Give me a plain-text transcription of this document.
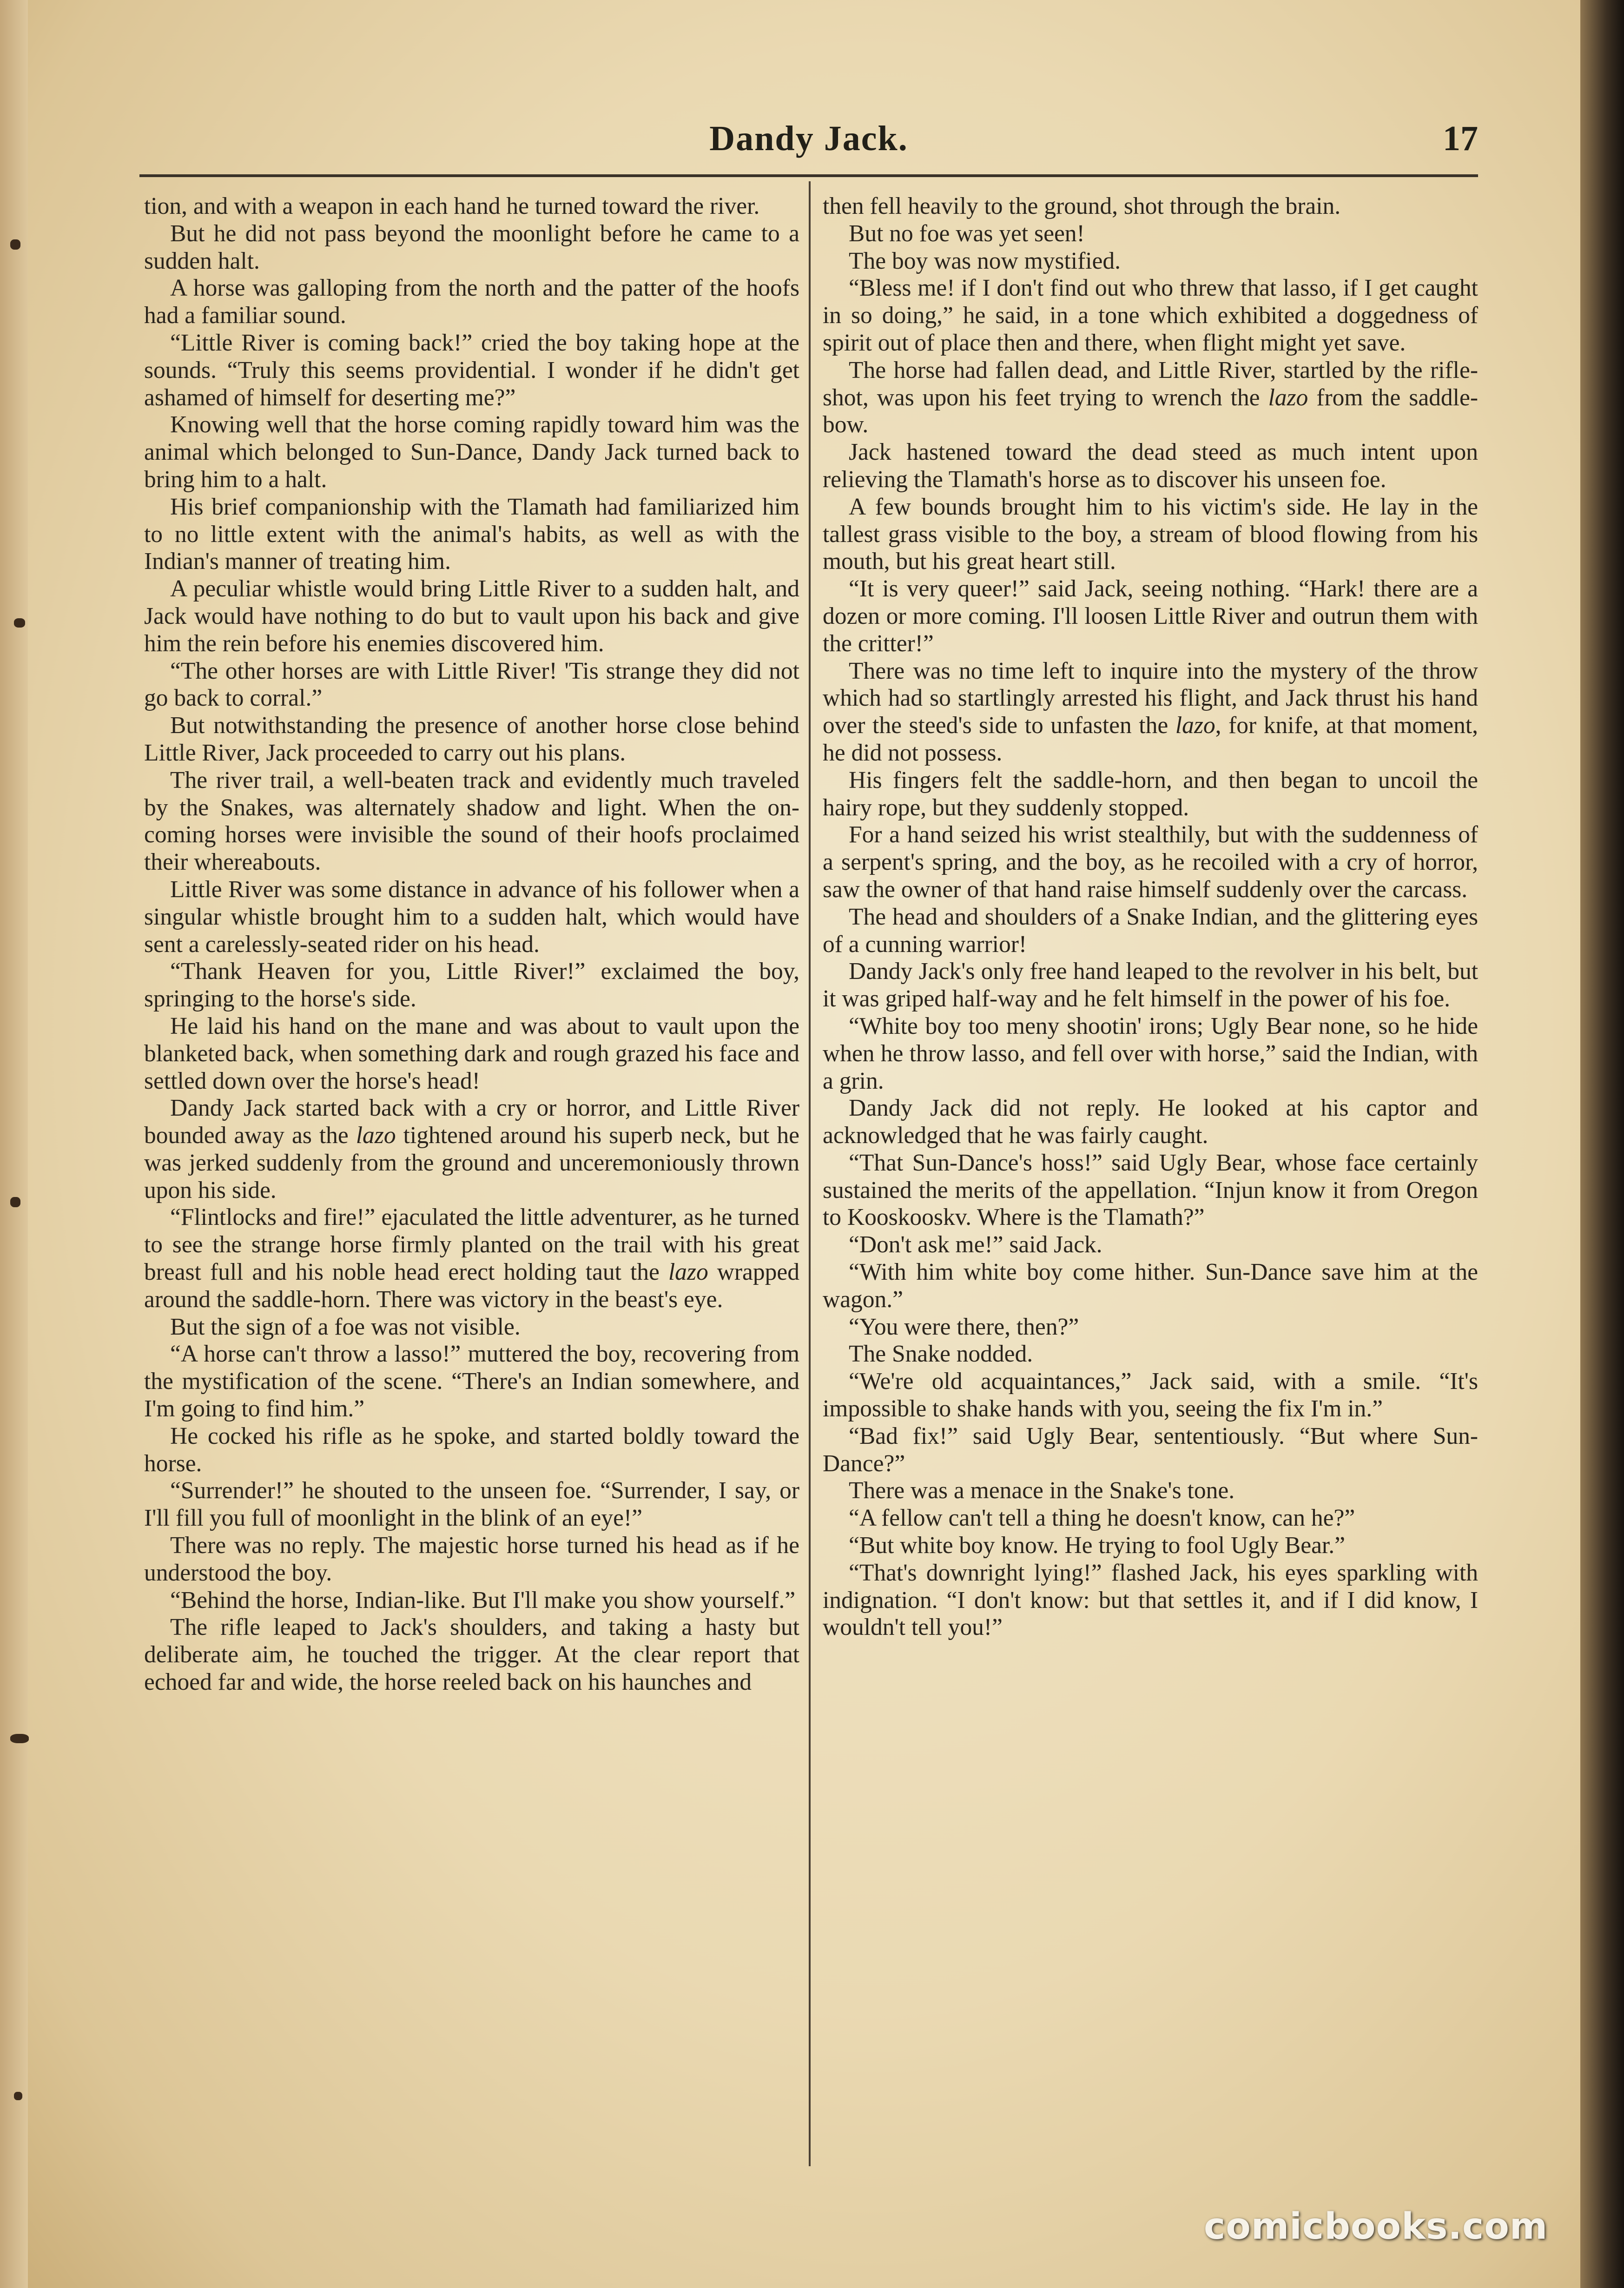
Dandy Jack.	17

tion, and with a weapon in each hand he turned toward the river.

But he did not pass beyond the moonlight before he came to a sudden halt.

A horse was galloping from the north and the patter of the hoofs had a familiar sound.

“Little River is coming back!” cried the boy taking hope at the sounds. “Truly this seems providential. I wonder if he didn't get ashamed of himself for deserting me?”

Knowing well that the horse coming rapidly toward him was the animal which belonged to Sun-Dance, Dandy Jack turned back to bring him to a halt.

His brief companionship with the Tlamath had familiarized him to no little extent with the animal's habits, as well as with the Indian's manner of treating him.

A peculiar whistle would bring Little River to a sudden halt, and Jack would have nothing to do but to vault upon his back and give him the rein before his enemies discovered him.

“The other horses are with Little River! 'Tis strange they did not go back to corral.”

But notwithstanding the presence of another horse close behind Little River, Jack proceeded to carry out his plans.

The river trail, a well-beaten track and evidently much traveled by the Snakes, was alternately shadow and light. When the on-coming horses were invisible the sound of their hoofs proclaimed their whereabouts.

Little River was some distance in advance of his follower when a singular whistle brought him to a sudden halt, which would have sent a carelessly-seated rider on his head.

“Thank Heaven for you, Little River!” exclaimed the boy, springing to the horse's side.

He laid his hand on the mane and was about to vault upon the blanketed back, when something dark and rough grazed his face and settled down over the horse's head!

Dandy Jack started back with a cry or horror, and Little River bounded away as the lazo tightened around his superb neck, but he was jerked suddenly from the ground and unceremoniously thrown upon his side.

“Flintlocks and fire!” ejaculated the little adventurer, as he turned to see the strange horse firmly planted on the trail with his great breast full and his noble head erect holding taut the lazo wrapped around the saddle-horn. There was victory in the beast's eye.

But the sign of a foe was not visible.

“A horse can't throw a lasso!” muttered the boy, recovering from the mystification of the scene. “There's an Indian somewhere, and I'm going to find him.”

He cocked his rifle as he spoke, and started boldly toward the horse.

“Surrender!” he shouted to the unseen foe. “Surrender, I say, or I'll fill you full of moonlight in the blink of an eye!”

There was no reply. The majestic horse turned his head as if he understood the boy.

“Behind the horse, Indian-like. But I'll make you show yourself.”

The rifle leaped to Jack's shoulders, and taking a hasty but deliberate aim, he touched the trigger. At the clear report that echoed far and wide, the horse reeled back on his haunches and

then fell heavily to the ground, shot through the brain.

But no foe was yet seen!

The boy was now mystified.

“Bless me! if I don't find out who threw that lasso, if I get caught in so doing,” he said, in a tone which exhibited a doggedness of spirit out of place then and there, when flight might yet save.

The horse had fallen dead, and Little River, startled by the rifle-shot, was upon his feet trying to wrench the lazo from the saddle-bow.

Jack hastened toward the dead steed as much intent upon relieving the Tlamath's horse as to discover his unseen foe.

A few bounds brought him to his victim's side. He lay in the tallest grass visible to the boy, a stream of blood flowing from his mouth, but his great heart still.

“It is very queer!” said Jack, seeing nothing. “Hark! there are a dozen or more coming. I'll loosen Little River and outrun them with the critter!”

There was no time left to inquire into the mystery of the throw which had so startlingly arrested his flight, and Jack thrust his hand over the steed's side to unfasten the lazo, for knife, at that moment, he did not possess.

His fingers felt the saddle-horn, and then began to uncoil the hairy rope, but they suddenly stopped.

For a hand seized his wrist stealthily, but with the suddenness of a serpent's spring, and the boy, as he recoiled with a cry of horror, saw the owner of that hand raise himself suddenly over the carcass.

The head and shoulders of a Snake Indian, and the glittering eyes of a cunning warrior!

Dandy Jack's only free hand leaped to the revolver in his belt, but it was griped half-way and he felt himself in the power of his foe.

“White boy too meny shootin' irons; Ugly Bear none, so he hide when he throw lasso, and fell over with horse,” said the Indian, with a grin.

Dandy Jack did not reply. He looked at his captor and acknowledged that he was fairly caught.

“That Sun-Dance's hoss!” said Ugly Bear, whose face certainly sustained the merits of the appellation. “Injun know it from Oregon to Kooskooskv. Where is the Tlamath?”

“Don't ask me!” said Jack.

“With him white boy come hither. Sun-Dance save him at the wagon.”

“You were there, then?”

The Snake nodded.

“We're old acquaintances,” Jack said, with a smile. “It's impossible to shake hands with you, seeing the fix I'm in.”

“Bad fix!” said Ugly Bear, sententiously. “But where Sun-Dance?”

There was a menace in the Snake's tone.

“A fellow can't tell a thing he doesn't know, can he?”

“But white boy know. He trying to fool Ugly Bear.”

“That's downright lying!” flashed Jack, his eyes sparkling with indignation. “I don't know: but that settles it, and if I did know, I wouldn't tell you!”

comicbooks.com
